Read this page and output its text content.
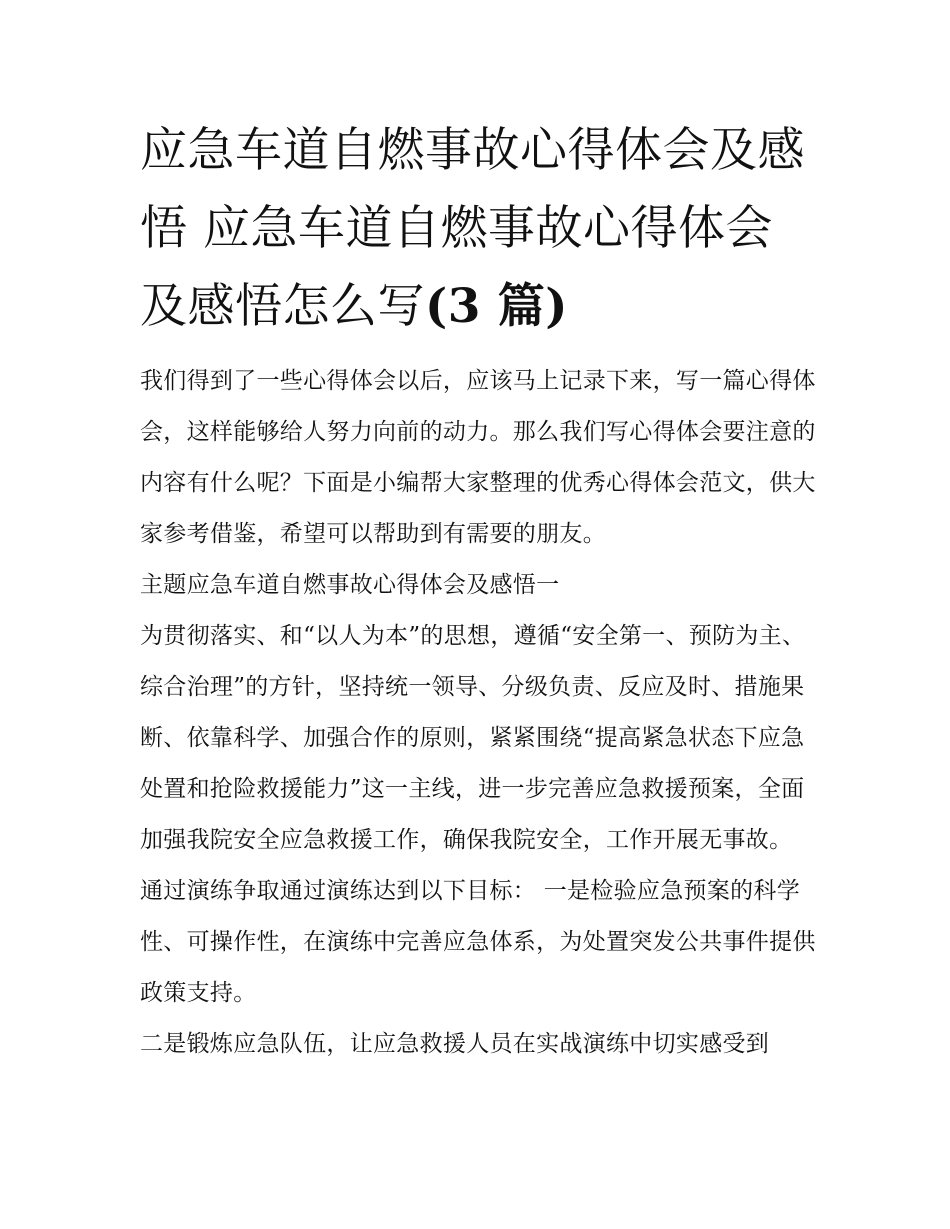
应急车道自燃事故心得体会及感悟 应急车道自燃事故心得体会及感悟怎么写(3 篇)

我们得到了一些心得体会以后，应该马上记录下来，写一篇心得体会，这样能够给人努力向前的动力。那么我们写心得体会要注意的内容有什么呢？下面是小编帮大家整理的优秀心得体会范文，供大家参考借鉴，希望可以帮助到有需要的朋友。

主题应急车道自燃事故心得体会及感悟一

为贯彻落实、和“以人为本”的思想，遵循“安全第一、预防为主、综合治理”的方针，坚持统一领导、分级负责、反应及时、措施果断、依靠科学、加强合作的原则，紧紧围绕“提高紧急状态下应急处置和抢险救援能力”这一主线，进一步完善应急救援预案，全面加强我院安全应急救援工作，确保我院安全，工作开展无事故。

通过演练争取通过演练达到以下目标： 一是检验应急预案的科学性、可操作性，在演练中完善应急体系，为处置突发公共事件提供政策支持。

二是锻炼应急队伍，让应急救援人员在实战演练中切实感受到
